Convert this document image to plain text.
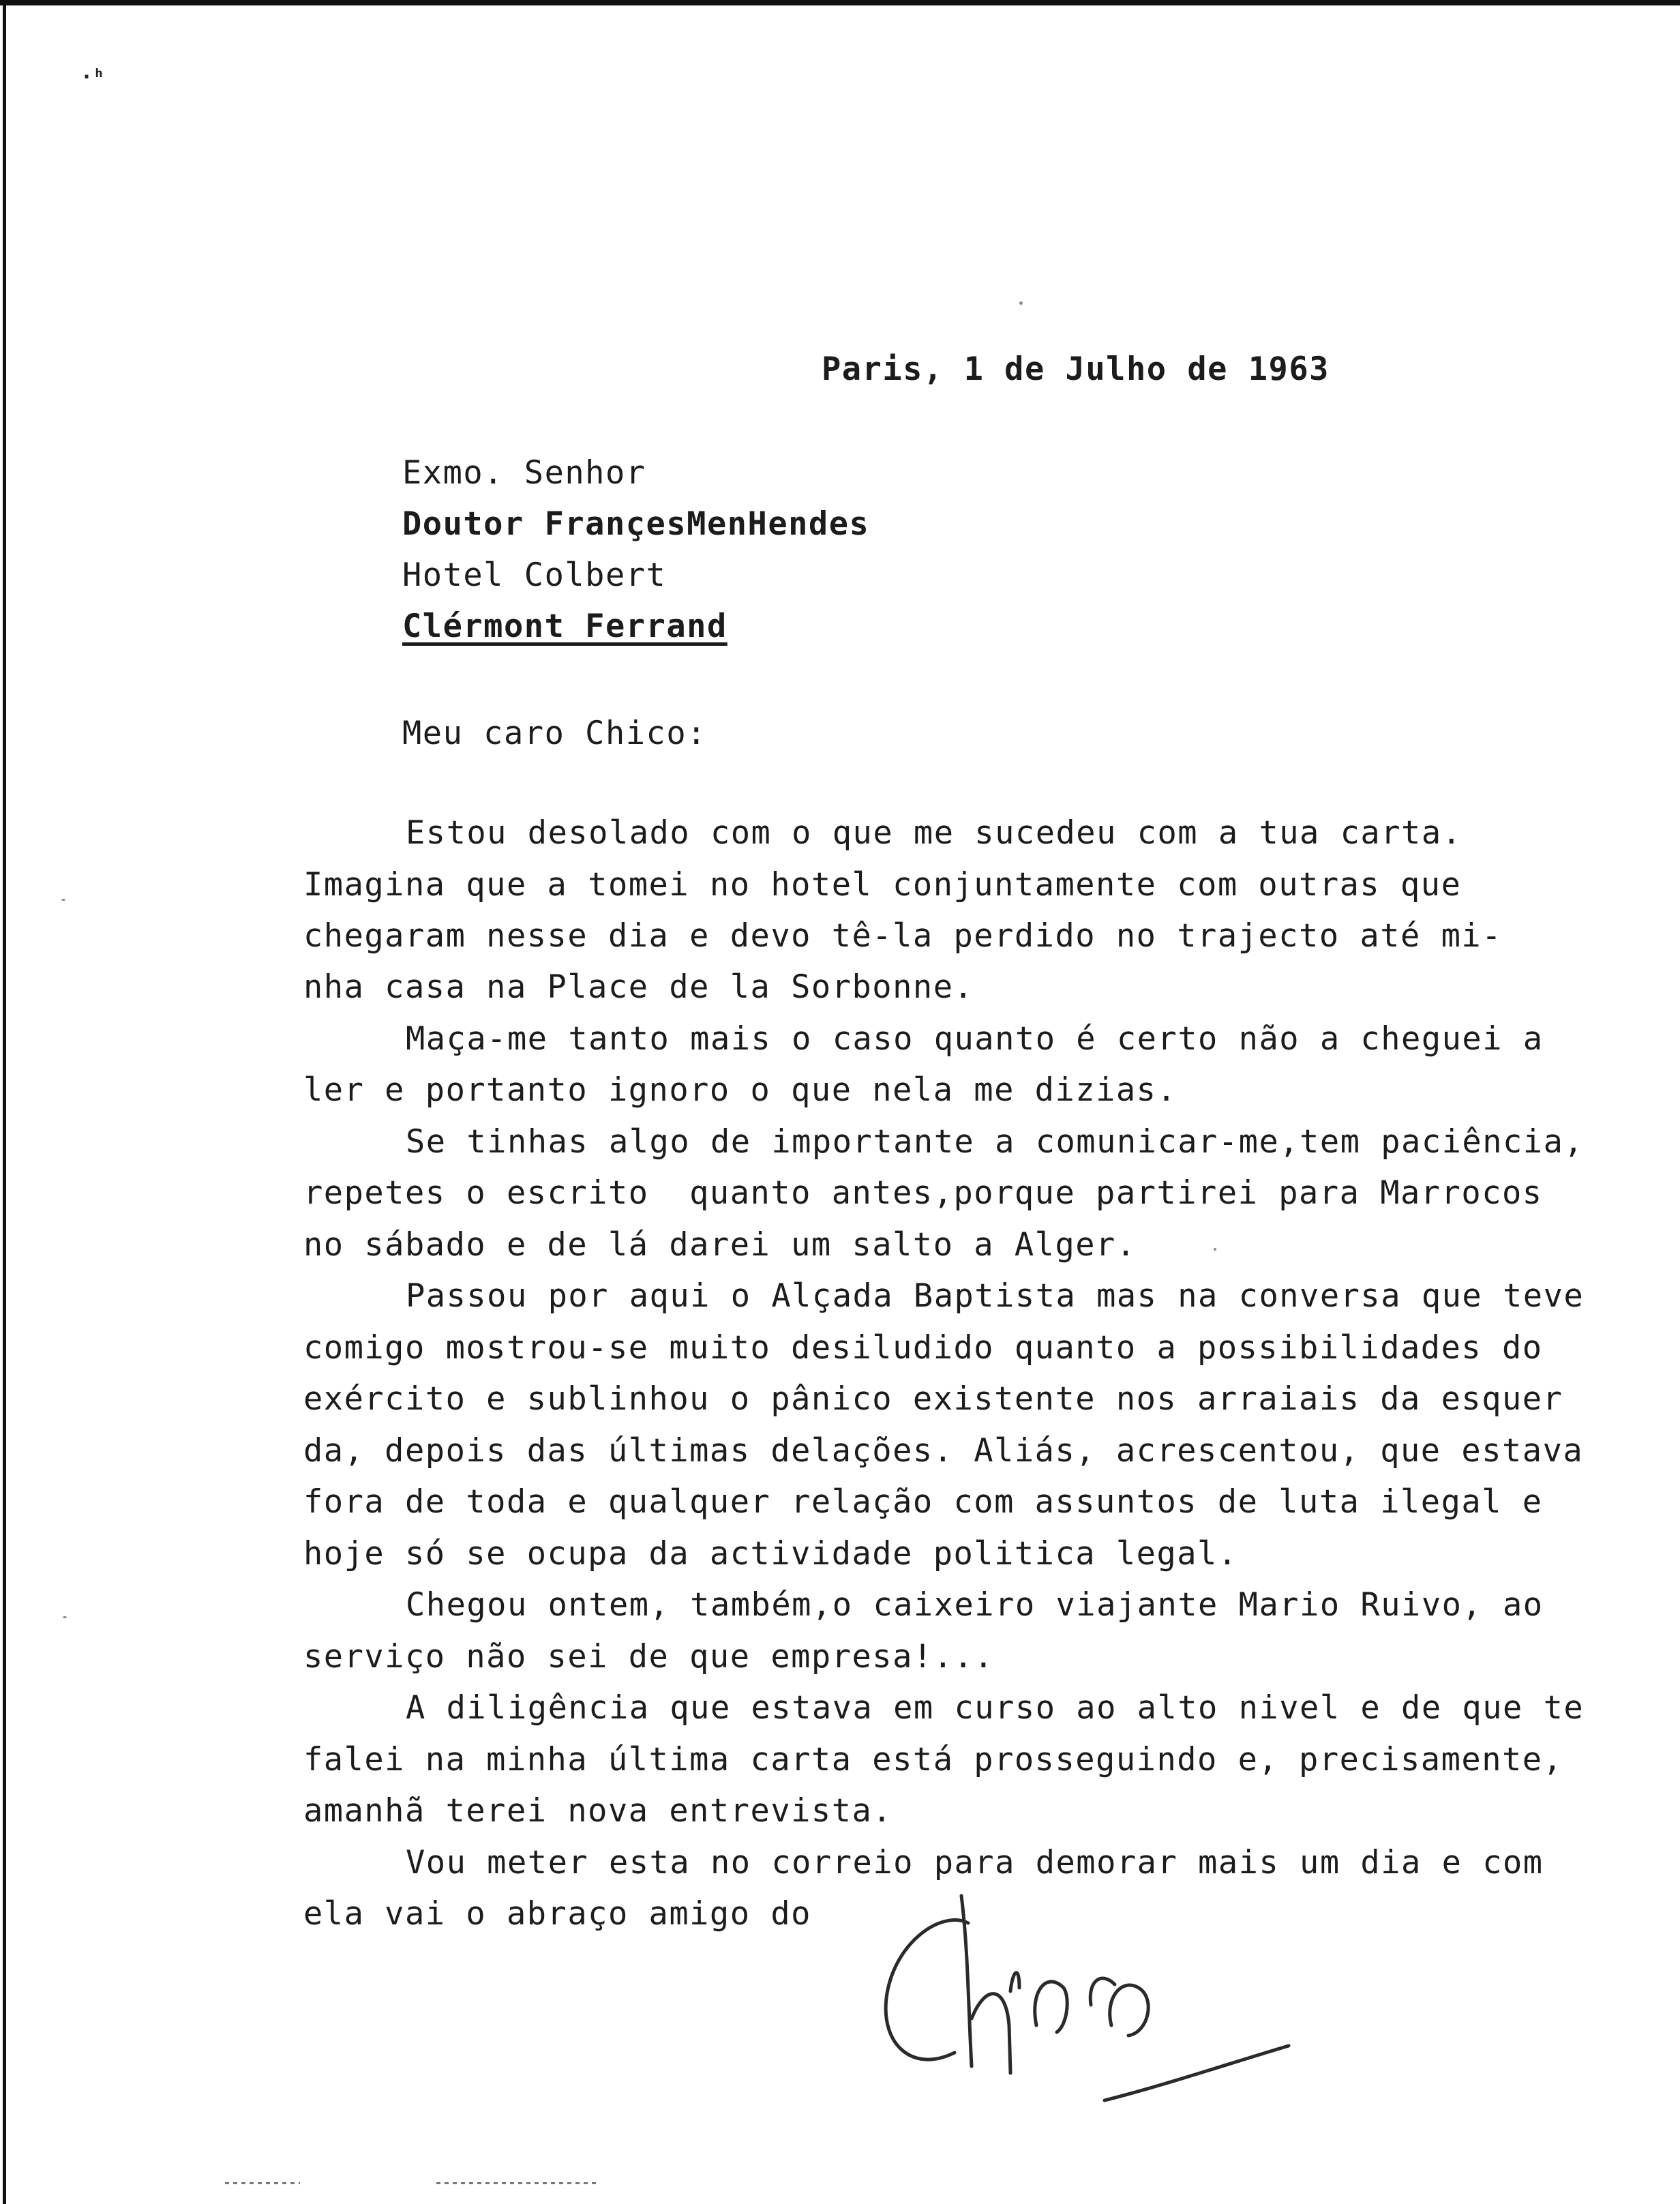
·ʰ
Paris, 1 de Julho de 1963
Exmo. Senhor
Doutor FrançesMenHendes
Hotel Colbert
Clérmont Ferrand
Meu caro Chico:
Estou desolado com o que me sucedeu com a tua carta.
Imagina que a tomei no hotel conjuntamente com outras que
chegaram nesse dia e devo tê-la perdido no trajecto até mi-
nha casa na Place de la Sorbonne.
Maça-me tanto mais o caso quanto é certo não a cheguei a
ler e portanto ignoro o que nela me dizias.
Se tinhas algo de importante a comunicar-me,tem paciência,
repetes o escrito  quanto antes,porque partirei para Marrocos
no sábado e de lá darei um salto a Alger.
Passou por aqui o Alçada Baptista mas na conversa que teve
comigo mostrou-se muito desiludido quanto a possibilidades do
exército e sublinhou o pânico existente nos arraiais da esquer
da, depois das últimas delações. Aliás, acrescentou, que estava
fora de toda e qualquer relação com assuntos de luta ilegal e
hoje só se ocupa da actividade politica legal.
Chegou ontem, também,o caixeiro viajante Mario Ruivo, ao
serviço não sei de que empresa!...
A diligência que estava em curso ao alto nivel e de que te
falei na minha última carta está prosseguindo e, precisamente,
amanhã terei nova entrevista.
Vou meter esta no correio para demorar mais um dia e com
ela vai o abraço amigo do
